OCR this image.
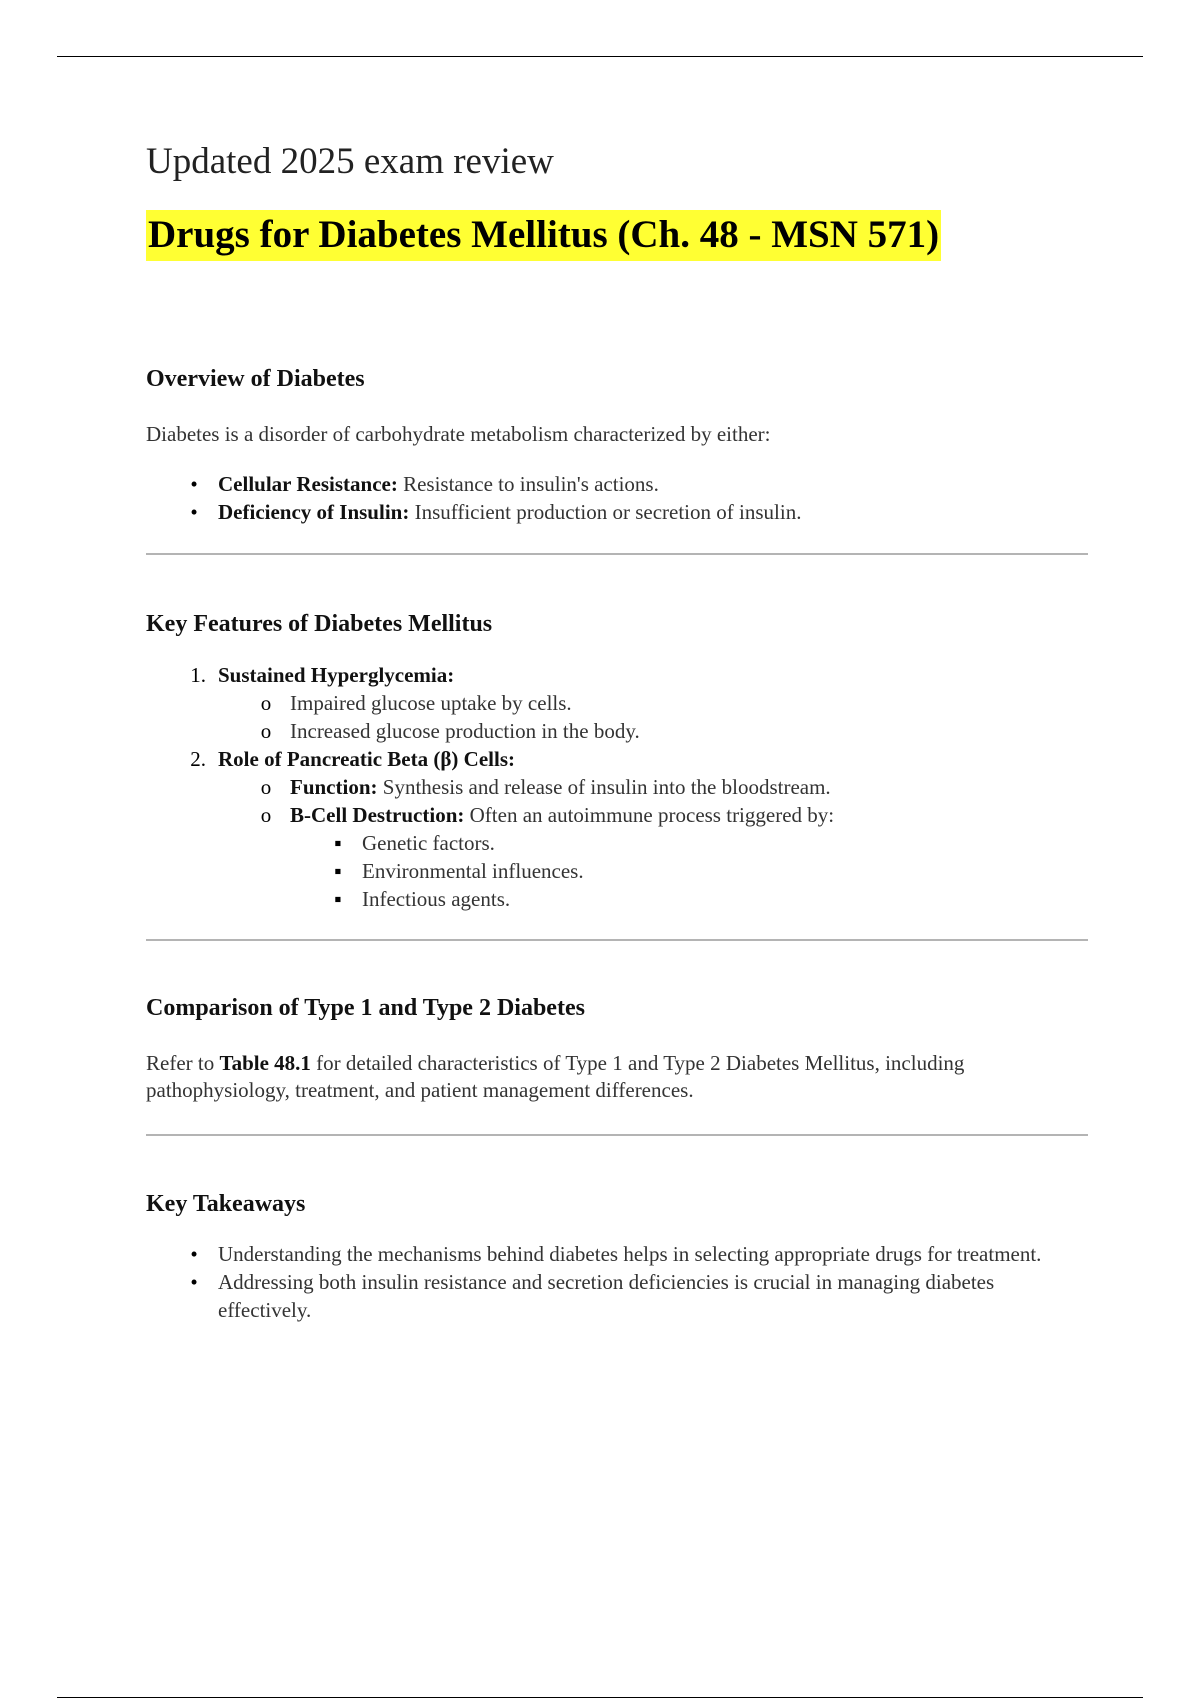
Updated 2025 exam review
Drugs for Diabetes Mellitus (Ch. 48 - MSN 571)
Overview of Diabetes

Diabetes is a disorder of carbohydrate metabolism characterized by either:

• Cellular Resistance: Resistance to insulin's actions.
• Deficiency of Insulin: Insufficient production or secretion of insulin.
Key Features of Diabetes Mellitus
1. Sustained Hyperglycemia:
o Impaired glucose uptake by cells.
o Increased glucose production in the body.
2. Role of Pancreatic Beta (β) Cells:
o Function: Synthesis and release of insulin into the bloodstream.
o B-Cell Destruction: Often an autoimmune process triggered by:
▪ Genetic factors.
▪ Environmental influences.
▪ Infectious agents.
Comparison of Type 1 and Type 2 Diabetes

Refer to Table 48.1 for detailed characteristics of Type 1 and Type 2 Diabetes Mellitus, including pathophysiology, treatment, and patient management differences.

Key Takeaways
• Understanding the mechanisms behind diabetes helps in selecting appropriate drugs for treatment.
• Addressing both insulin resistance and secretion deficiencies is crucial in managing diabetes effectively.
